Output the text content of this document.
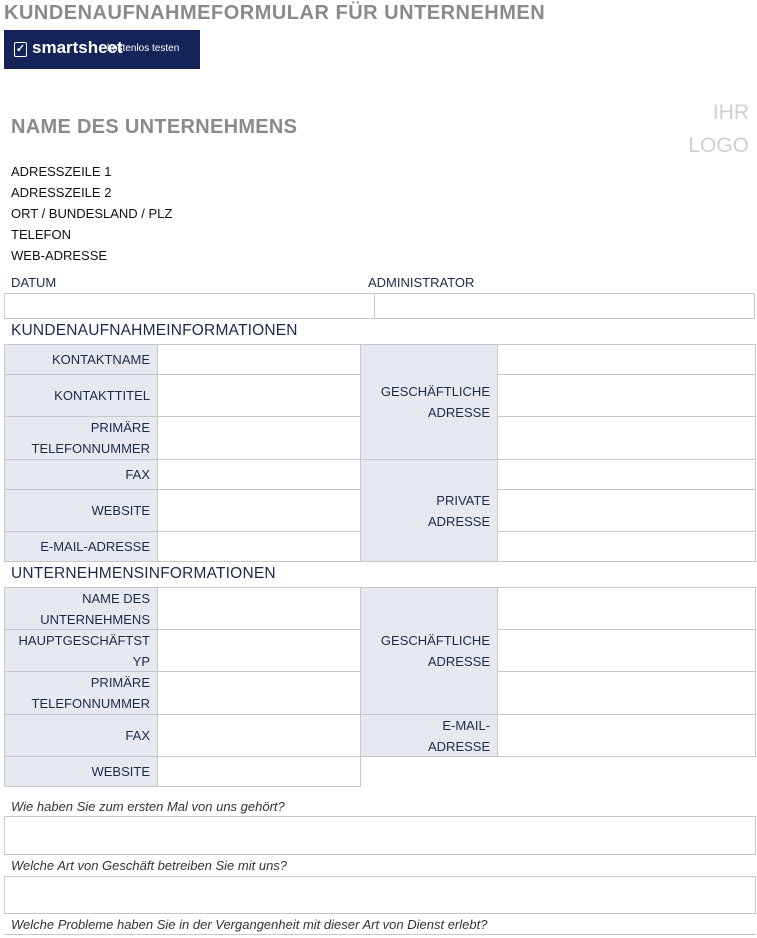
KUNDENAUFNAHMEFORMULAR FÜR UNTERNEHMEN
✓ smartsheet
kostenlos testen
IHR
LOGO
NAME DES UNTERNEHMENS
ADRESSZEILE 1
ADRESSZEILE 2
ORT / BUNDESLAND / PLZ
TELEFON
WEB-ADRESSE
DATUM	ADMINISTRATOR
KUNDENAUFNAHMEINFORMATIONEN
KONTAKTNAME
KONTAKTTITEL
PRIMÄRE TELEFONNUMMER
FAX
WEBSITE
E-MAIL-ADRESSE
GESCHÄFTLICHE ADRESSE
PRIVATE ADRESSE
UNTERNEHMENSINFORMATIONEN
NAME DES UNTERNEHMENS
HAUPTGESCHÄFTSTYP
PRIMÄRE TELEFONNUMMER
FAX
WEBSITE
GESCHÄFTLICHE ADRESSE
E-MAIL-ADRESSE
Wie haben Sie zum ersten Mal von uns gehört?
Welche Art von Geschäft betreiben Sie mit uns?
Welche Probleme haben Sie in der Vergangenheit mit dieser Art von Dienst erlebt?
